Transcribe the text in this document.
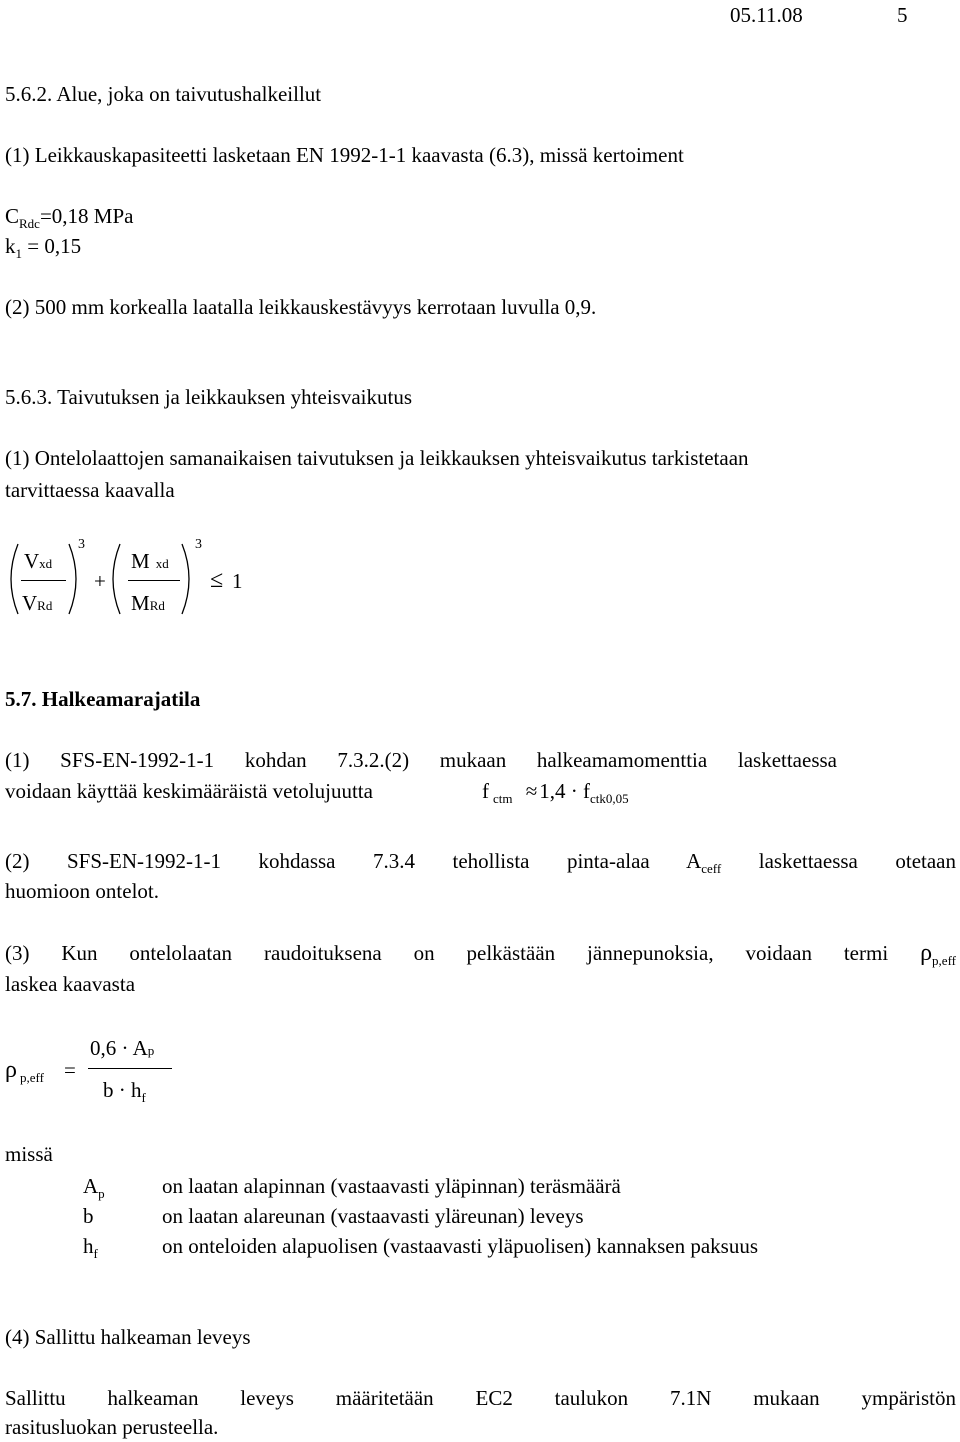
05.11.08	5
5.6.2. Alue, joka on taivutushalkeillut
(1) Leikkauskapasiteetti lasketaan EN 1992-1-1 kaavasta (6.3), missä kertoiment
$C_{Rdc}=0,18$ MPa
$k_1 = 0,15$
(2) 500 mm korkealla laatalla leikkauskestävyys kerrotaan luvulla 0,9.
5.6.3. Taivutuksen ja leikkauksen yhteisvaikutus
(1) Ontelolaattojen samanaikaisen taivutuksen ja leikkauksen yhteisvaikutus tarkistetaan
tarvittaessa kaavalla
Vxd
VRd
3
+
Mxd
MRd
3
≤ 1
5.7. Halkeamarajatila
(1) SFS-EN-1992-1-1 kohdan 7.3.2.(2) mukaan halkeamamomenttia laskettaessa
voidaan käyttää keskimääräistä vetolujuutta	f $_{ctm} \approx 1,4 \cdot f_{ctk0,05}$
(2) SFS-EN-1992-1-1 kohdassa 7.3.4 tehollista pinta-alaa $A_{ceff}$ laskettaessa otetaan
huomioon ontelot.
(3) Kun ontelolaatan raudoituksena on pelkästään jännepunoksia, voidaan termi $\rho_{p,eff}$
laskea kaavasta
ρ $_{p,eff}$ =
0,6 · Ap
$b \cdot h_f$
missä
$A_p$	on laatan alapinnan (vastaavasti yläpinnan) teräsmäärä
b	on laatan alareunan (vastaavasti yläreunan) leveys
$h_f$	on onteloiden alapuolisen (vastaavasti yläpuolisen) kannaksen paksuus
(4) Sallittu halkeaman leveys
Sallittu halkeaman leveys määritetään EC2 taulukon 7.1N mukaan ympäristön
rasitusluokan perusteella.
